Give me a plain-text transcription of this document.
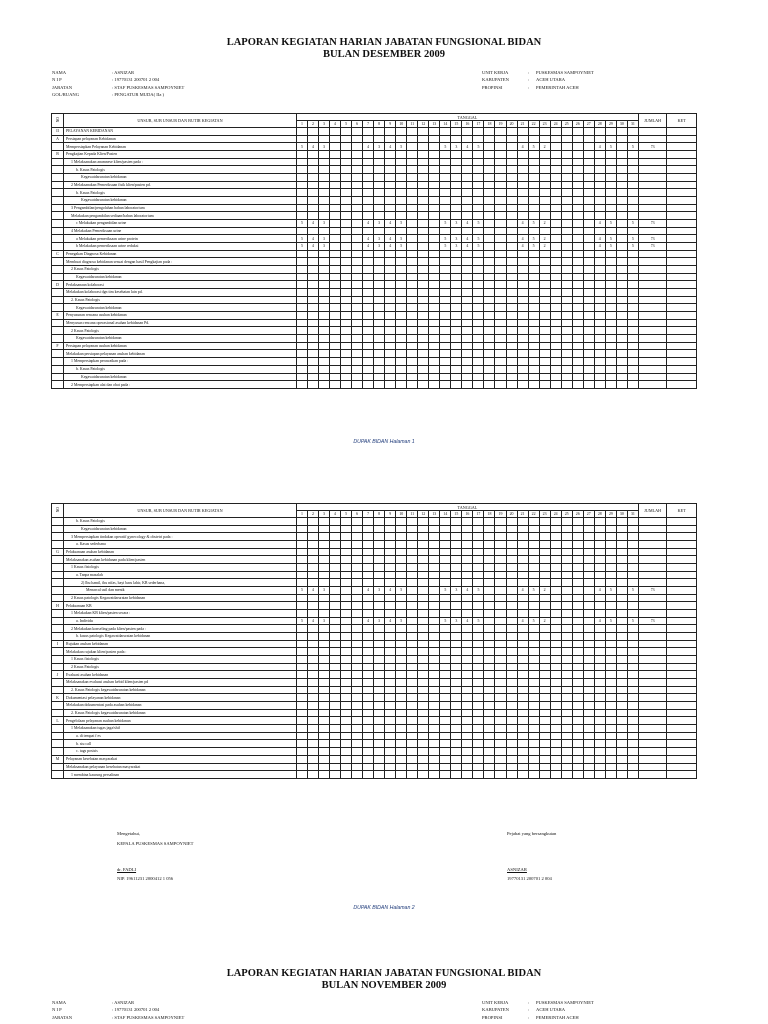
LAPORAN KEGIATAN HARIAN JABATAN FUNGSIONAL BIDAN
BULAN DESEMBER 2009
NAMA	: ASNIZAR
N I P	: 19770131 200701 2 004
JABATAN	: STAF PUSKESMAS SAMPOYNIET
GOL/RUANG	: PENGATUR MUDA( IIa )
UNIT KERJA	:	PUSKESMAS SAMPOYNIET
KABUPATEN	:	ACEH UTARA
PROPINSI	:	PEMERINTAH ACEH
NO	UNSUR, SUB UNSUR DAN BUTIR KEGIATAN	TANGGAL																															JUMLAH	KET
		1	2	3	4	5	6	7	8	9	10	11	12	13	14	15	16	17	18	19	20	21	22	23	24	25	26	27	28	29	30	31		
II	PELAYANAN KEBIDANAN																																	
A	Persiapan pelayanan Kebidanan																																	
	Mempersiapkan Pelayanan Kebidanan	5	4	3				4	3	4	5				5	3	4	5				4	5	2					4	5		5	73	
B	Pengkajian Kepada Klien/Pasien																																	
	1 Melaksanakan anamnese klien/pasien pada :																																	
	b. Kasus Patologis																																	
	Kegawatdaruratan kebidanan																																	
	2 Melaksanakan Pemeriksaan fisik klien/pasien pd.																																	
	b. Kasus Patologis																																	
	Kegawatdaruratan kebidanan																																	
	3 Pengambilan/pengolahan bahan laboratorium																																	
	Melakukan pengambilan sediaan/bahan laboratorium																																	
	c Melakukan pengambilan urine	5	4	3				4	3	4	5				5	3	4	5				4	5	2					4	5		5	73	
	4 Melakukan Pemeriksaan urine																																	
	a Melakukan pemeriksaan urine protein	5	4	3				4	3	4	5				5	3	4	5				4	5	2					4	5		5	73	
	b Melakukan pemeriksaan urine reduksi	5	4	3				4	3	4	5				5	3	4	5				4	5	2					4	5		5	73	
C	Penegakan Diagnosa Kebidanan																																	
	Membuat diagnosa kebidanan sesuai dengan hasil Pengkajian pada :																																	
	2 Kasus Patologis																																	
	Kegawatdaruratan kebidanan																																	
D	Perlaksanaan kolaborasi																																	
	Melakukan kolaborasi dgn tim kesehatan lain pd.																																	
	2. Kasus Patologis																																	
	Kegawatdaruratan kebidanan																																	
E	Penyusunan rencana asuhan kebidanan																																	
	Menyusun rencana operasional asuhan kebidanan Pd.																																	
	2 Kasus Patologis																																	
	Kegawatdaruratan kebidanan																																	
F	Persiapan pelayanan asuhan kebidanan																																	
	Melakukan persiapan pelayanan asuhan kebidanan																																	
	1 Mempersiapkan perawatkan pada :																																	
	b. Kasus Patologis																																	
	Kegawatdaruratan kebidanan																																	
	2 Mempersiapkan alat dan obat pada :																																	
DUPAK BIDAN Halaman 1
NO	UNSUR, SUB UNSUR DAN BUTIR KEGIATAN	TANGGAL																															JUMLAH	KET
		1	2	3	4	5	6	7	8	9	10	11	12	13	14	15	16	17	18	19	20	21	22	23	24	25	26	27	28	29	30	31		
	b. Kasus Patologis																																	
	Kegawatdaruratan kebidanan																																	
	3 Mempersiapkan tindakan operatif gynecology & obstetri pada :																																	
	a. Kasus sederhana																																	
G	Pelaksanaan asuhan kebidanan																																	
	Melaksanakan asuhan kebidanan pada klien/pasien																																	
	1 Kasus fisiologis																																	
	a. Tanpa masalah																																	
	2) Ibu hamil, ibu nifas, bayi baru lahir, KB sederhana,																																	
	Menarcal usil dan menik	5	4	3				4	3	4	5				5	3	4	5				4	5	2					4	5		5	73	
	2 Kasus patologis Kegawatdaruratan kebidanan																																	
H	Pelaksanaan KB																																	
	1 Melakukan KB klien/pasien secara :																																	
	a. Individu	5	4	3				4	3	4	5				5	3	4	5				4	5	2					4	5		5	73	
	2 Melakukan konseling pada klien/pasien pada :																																	
	b. kasus patologis Kegawatdaruratan kebidanan																																	
I	Rujukan asuhan kebidanan																																	
	Melakukan rujukan klien/pasien pada :																																	
	1 Kasus fisiologis																																	
	2 Kasus Patologis																																	
J	Evaluasi asuhan kebidanan																																	
	Melaksanakan evaluasi asuhan kebid klien/pasien pd																																	
	2. Kasus Patologis kegawatdaruratan kebidanan																																	
K	Dokumentasi pelayanan kebidanan																																	
	Melakukan dokumentasi pada asuhan kebidanan																																	
	2. Kasus Patologis kegawatdaruratan kebidanan																																	
L	Pengelolaan pelayanan asuhan kebidanan																																	
	1 Melaksanakan tugas jaga/shif																																	
	a. di tempat f es																																	
	b. siu call																																	
	c. tugs posisis																																	
M	Pelayanan kesehatan masyarakat																																	
	Melaksanakan pelayanan kesehatan masyarakat																																	
	1 membina kaurung persalinan																																	
Mengetahui,
KEPALA PUSKESMAS SAMPOYNIET
dr. FADLI
NIP. 19611231 2000412 1 056
Pejabat yang bersangkutan
ASNIZAR
19770131 200701 2 004
DUPAK BIDAN Halaman 2
LAPORAN KEGIATAN HARIAN JABATAN FUNGSIONAL BIDAN
BULAN NOVEMBER 2009
NAMA	: ASNIZAR
N I P	: 19770131 200701 2 004
JABATAN	: STAF PUSKESMAS SAMPOYNIET
UNIT KERJA	:	PUSKESMAS SAMPOYNIET
KABUPATEN	:	ACEH UTARA
PROPINSI	:	PEMERINTAH ACEH
